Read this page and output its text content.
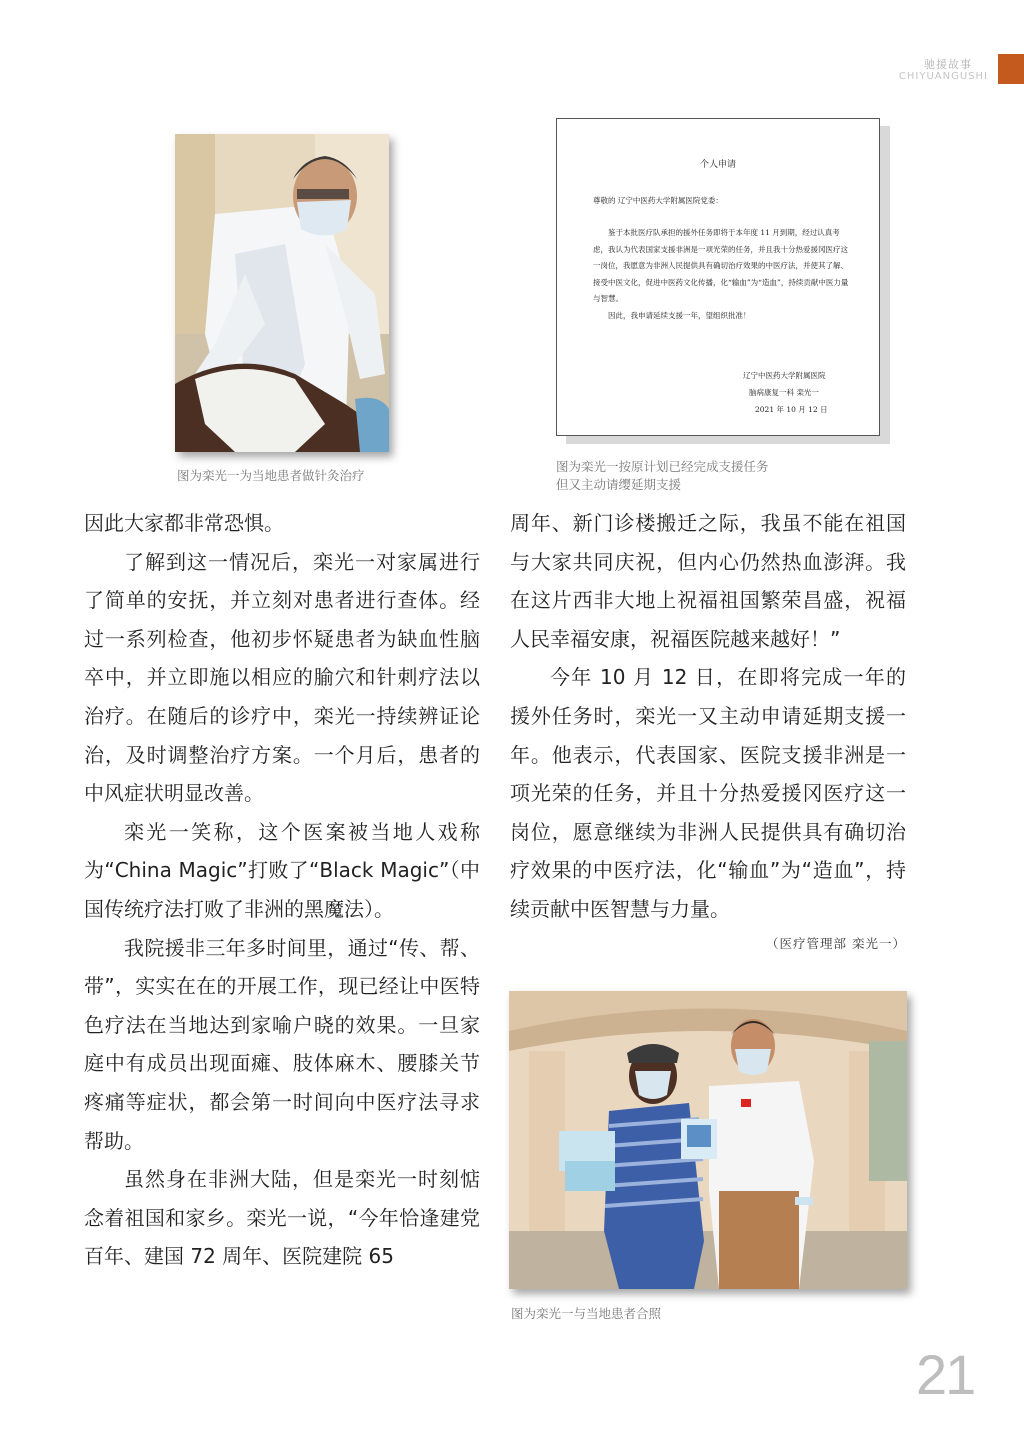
驰援故事
CHIYUANGUSHI
图为栾光一为当地患者做针灸治疗
个人申请
尊敬的 辽宁中医药大学附属医院党委：

鉴于本批医疗队承担的援外任务即将于本年度 11 月到期，经过认真考虑，我认为代表国家支援非洲是一项光荣的任务，并且我十分热爱援冈医疗这一岗位，我愿意为非洲人民提供具有确切治疗效果的中医疗法，并使其了解、接受中医文化，促进中医药文化传播，化“输血”为“造血”，持续贡献中医力量与智慧。

因此，我申请延续支援一年，望组织批准！

辽宁中医药大学附属医院
脑病康复一科 栾光一
2021 年 10 月 12 日
图为栾光一按原计划已经完成支援任务
但又主动请缨延期支援

因此大家都非常恐惧。

了解到这一情况后，栾光一对家属进行了简单的安抚，并立刻对患者进行查体。经过一系列检查，他初步怀疑患者为缺血性脑卒中，并立即施以相应的腧穴和针刺疗法以治疗。在随后的诊疗中，栾光一持续辨证论治，及时调整治疗方案。一个月后，患者的中风症状明显改善。

栾光一笑称，这个医案被当地人戏称为“China Magic”打败了“Black Magic”（中国传统疗法打败了非洲的黑魔法）。

我院援非三年多时间里，通过“传、帮、带”，实实在在的开展工作，现已经让中医特色疗法在当地达到家喻户晓的效果。一旦家庭中有成员出现面瘫、肢体麻木、腰膝关节疼痛等症状，都会第一时间向中医疗法寻求帮助。

虽然身在非洲大陆，但是栾光一时刻惦念着祖国和家乡。栾光一说，“今年恰逢建党百年、建国 72 周年、医院建院 65

周年、新门诊楼搬迁之际，我虽不能在祖国与大家共同庆祝，但内心仍然热血澎湃。我在这片西非大地上祝福祖国繁荣昌盛，祝福人民幸福安康，祝福医院越来越好！”

今年 10 月 12 日，在即将完成一年的援外任务时，栾光一又主动申请延期支援一年。他表示，代表国家、医院支援非洲是一项光荣的任务，并且十分热爱援冈医疗这一岗位，愿意继续为非洲人民提供具有确切治疗效果的中医疗法，化“输血”为“造血”，持续贡献中医智慧与力量。

（医疗管理部 栾光一）

图为栾光一与当地患者合照
21
